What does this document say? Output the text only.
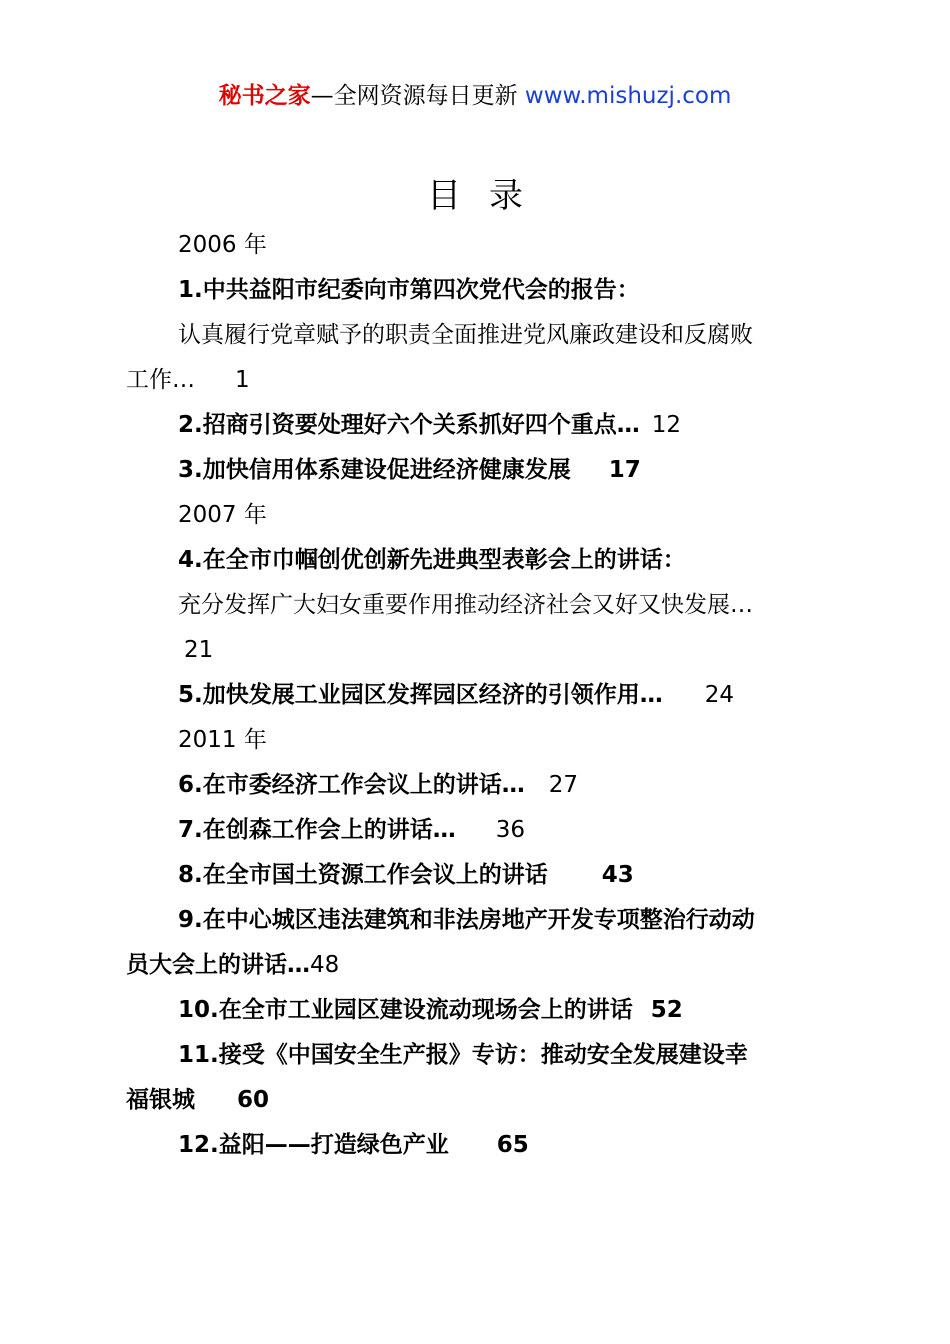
秘书之家—全网资源每日更新 www.mishuzj.com
目 录
2006 年
1.中共益阳市纪委向市第四次党代会的报告：
认真履行党章赋予的职责全面推进党风廉政建设和反腐败
工作… 1
2.招商引资要处理好六个关系抓好四个重点… 12
3.加快信用体系建设促进经济健康发展 17
2007 年
4.在全市巾帼创优创新先进典型表彰会上的讲话：
充分发挥广大妇女重要作用推动经济社会又好又快发展…
21
5.加快发展工业园区发挥园区经济的引领作用… 24
2011 年
6.在市委经济工作会议上的讲话… 27
7.在创森工作会上的讲话… 36
8.在全市国土资源工作会议上的讲话 43
9.在中心城区违法建筑和非法房地产开发专项整治行动动
员大会上的讲话…48
10.在全市工业园区建设流动现场会上的讲话 52
11.接受《中国安全生产报》专访：推动安全发展建设幸
福银城 60
12.益阳——打造绿色产业 65
